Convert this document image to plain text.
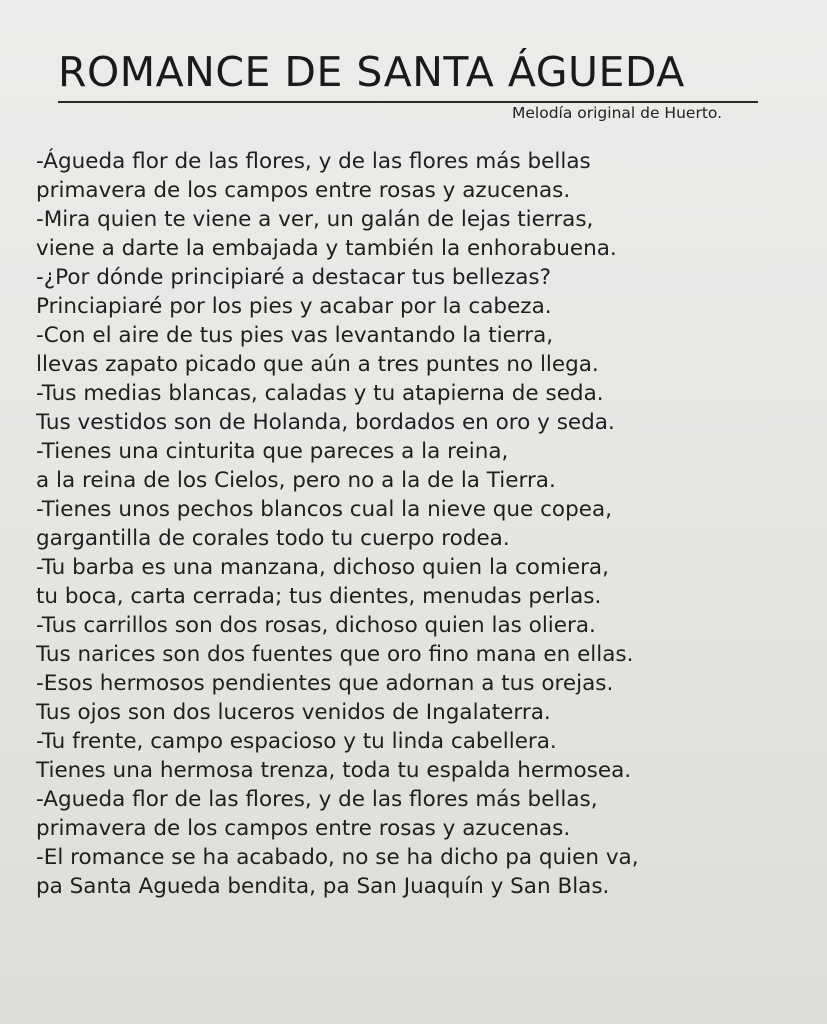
ROMANCE DE SANTA ÁGUEDA
Melodía original de Huerto.
-Águeda flor de las flores, y de las flores más bellas
primavera de los campos entre rosas y azucenas.
-Mira quien te viene a ver, un galán de lejas tierras,
viene a darte la embajada y también la enhorabuena.
-¿Por dónde principiaré a destacar tus bellezas?
Princiapiaré por los pies y acabar por la cabeza.
-Con el aire de tus pies vas levantando la tierra,
llevas zapato picado que aún a tres puntes no llega.
-Tus medias blancas, caladas y tu atapierna de seda.
Tus vestidos son de Holanda, bordados en oro y seda.
-Tienes una cinturita que pareces a la reina,
a la reina de los Cielos, pero no a la de la Tierra.
-Tienes unos pechos blancos cual la nieve que copea,
gargantilla de corales todo tu cuerpo rodea.
-Tu barba es una manzana, dichoso quien la comiera,
tu boca, carta cerrada; tus dientes, menudas perlas.
-Tus carrillos son dos rosas, dichoso quien las oliera.
Tus narices son dos fuentes que oro fino mana en ellas.
-Esos hermosos pendientes que adornan a tus orejas.
Tus ojos son dos luceros venidos de Ingalaterra.
-Tu frente, campo espacioso y tu linda cabellera.
Tienes una hermosa trenza, toda tu espalda hermosea.
-Agueda flor de las flores, y de las flores más bellas,
primavera de los campos entre rosas y azucenas.
-El romance se ha acabado, no se ha dicho pa quien va,
pa Santa Agueda bendita, pa San Juaquín y San Blas.
